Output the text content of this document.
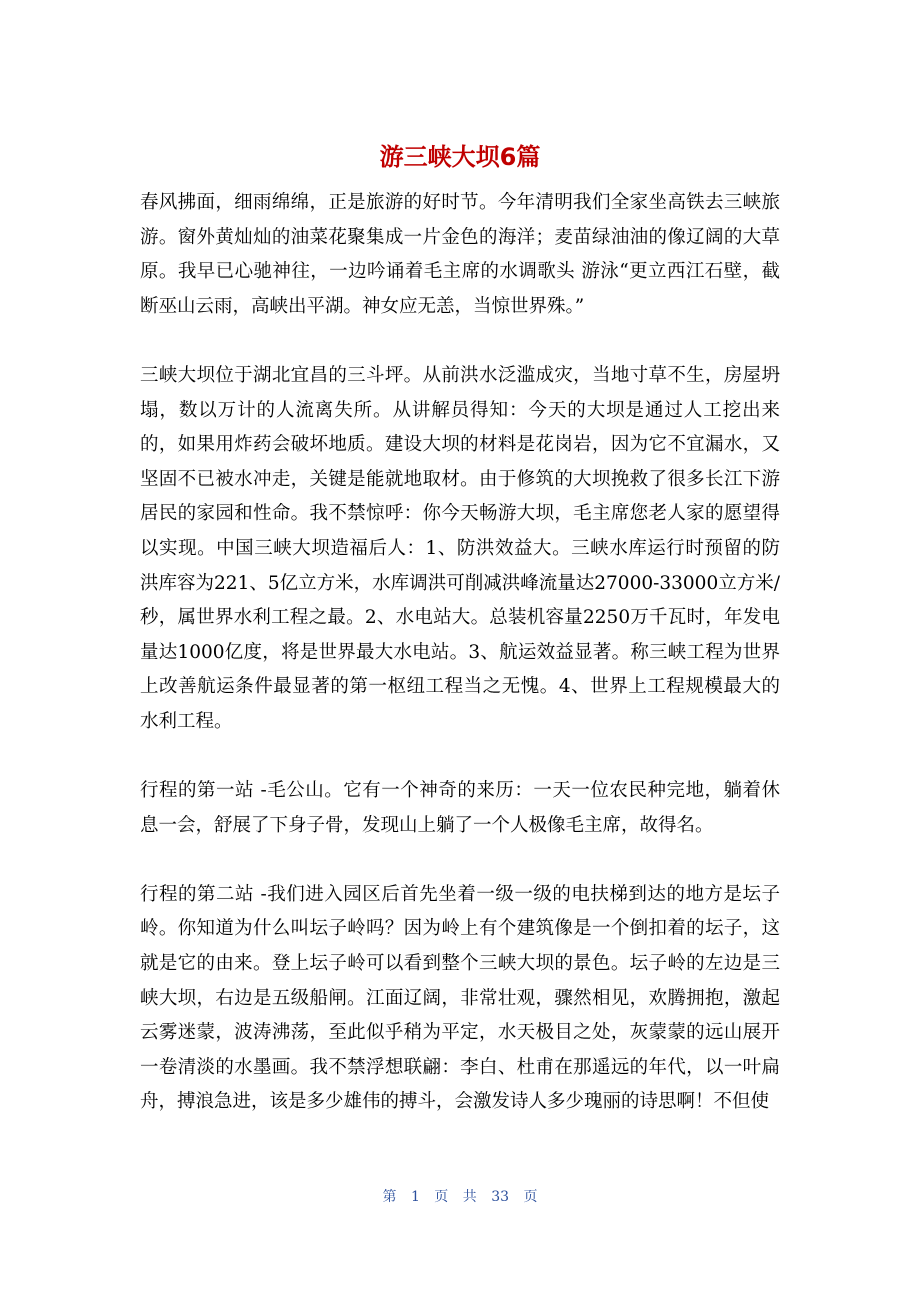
游三峡大坝6篇

春风拂面，细雨绵绵，正是旅游的好时节。今年清明我们全家坐高铁去三峡旅游。窗外黄灿灿的油菜花聚集成一片金色的海洋；麦苗绿油油的像辽阔的大草原。我早已心驰神往，一边吟诵着毛主席的水调歌头 游泳“更立西江石壁，截断巫山云雨，高峡出平湖。神女应无恙，当惊世界殊。”

三峡大坝位于湖北宜昌的三斗坪。从前洪水泛滥成灾，当地寸草不生，房屋坍塌，数以万计的人流离失所。从讲解员得知：今天的大坝是通过人工挖出来的，如果用炸药会破坏地质。建设大坝的材料是花岗岩，因为它不宜漏水，又坚固不已被水冲走，关键是能就地取材。由于修筑的大坝挽救了很多长江下游居民的家园和性命。我不禁惊呼：你今天畅游大坝，毛主席您老人家的愿望得以实现。中国三峡大坝造福后人：1、防洪效益大。三峡水库运行时预留的防洪库容为221、5亿立方米，水库调洪可削减洪峰流量达27000-33000立方米/秒，属世界水利工程之最。2、水电站大。总装机容量2250万千瓦时，年发电量达1000亿度，将是世界最大水电站。3、航运效益显著。称三峡工程为世界上改善航运条件最显著的第一枢纽工程当之无愧。4、世界上工程规模最大的水利工程。

行程的第一站 -毛公山。它有一个神奇的来历：一天一位农民种完地，躺着休息一会，舒展了下身子骨，发现山上躺了一个人极像毛主席，故得名。

行程的第二站 -我们进入园区后首先坐着一级一级的电扶梯到达的地方是坛子岭。你知道为什么叫坛子岭吗？因为岭上有个建筑像是一个倒扣着的坛子，这就是它的由来。登上坛子岭可以看到整个三峡大坝的景色。坛子岭的左边是三峡大坝，右边是五级船闸。江面辽阔，非常壮观，骤然相见，欢腾拥抱，激起云雾迷蒙，波涛沸荡，至此似乎稍为平定，水天极目之处，灰蒙蒙的远山展开一卷清淡的水墨画。我不禁浮想联翩：李白、杜甫在那遥远的年代，以一叶扁舟，搏浪急进，该是多少雄伟的搏斗，会激发诗人多少瑰丽的诗思啊！不但使

第 1 页 共 33 页
